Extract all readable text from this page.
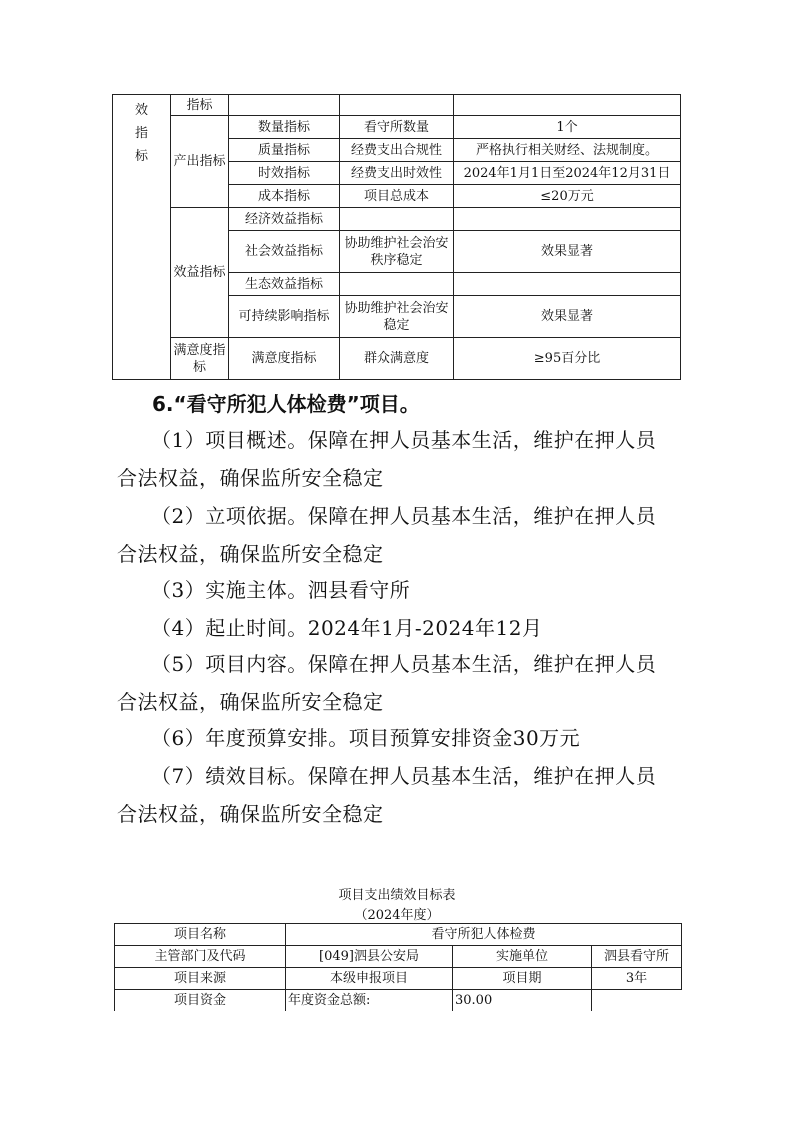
效
指
标	指标			
	产出指标	数量指标	看守所数量	1个
		质量指标	经费支出合规性	严格执行相关财经、法规制度。
		时效指标	经费支出时效性	2024年1月1日至2024年12月31日
		成本指标	项目总成本	≤20万元
	效益指标	经济效益指标		
		社会效益指标	协助维护社会治安
秩序稳定	效果显著
		生态效益指标		
		可持续影响指标	协助维护社会治安
稳定	效果显著

	满意度指
标	满意度指标	群众满意度	≥95百分比
6.“看守所犯人体检费”项目。
（1）项目概述。保障在押人员基本生活，维护在押人员
合法权益，确保监所安全稳定
（2）立项依据。保障在押人员基本生活，维护在押人员
合法权益，确保监所安全稳定
（3）实施主体。泗县看守所
（4）起止时间。2024年1月-2024年12月
（5）项目内容。保障在押人员基本生活，维护在押人员
合法权益，确保监所安全稳定
（6）年度预算安排。项目预算安排资金30万元
（7）绩效目标。保障在押人员基本生活，维护在押人员
合法权益，确保监所安全稳定
项目支出绩效目标表
（2024年度）
项目名称	看守所犯人体检费		
主管部门及代码	[049]泗县公安局	实施单位	泗县看守所
项目来源	本级申报项目	项目期	3年
项目资金	年度资金总额:	30.00	
